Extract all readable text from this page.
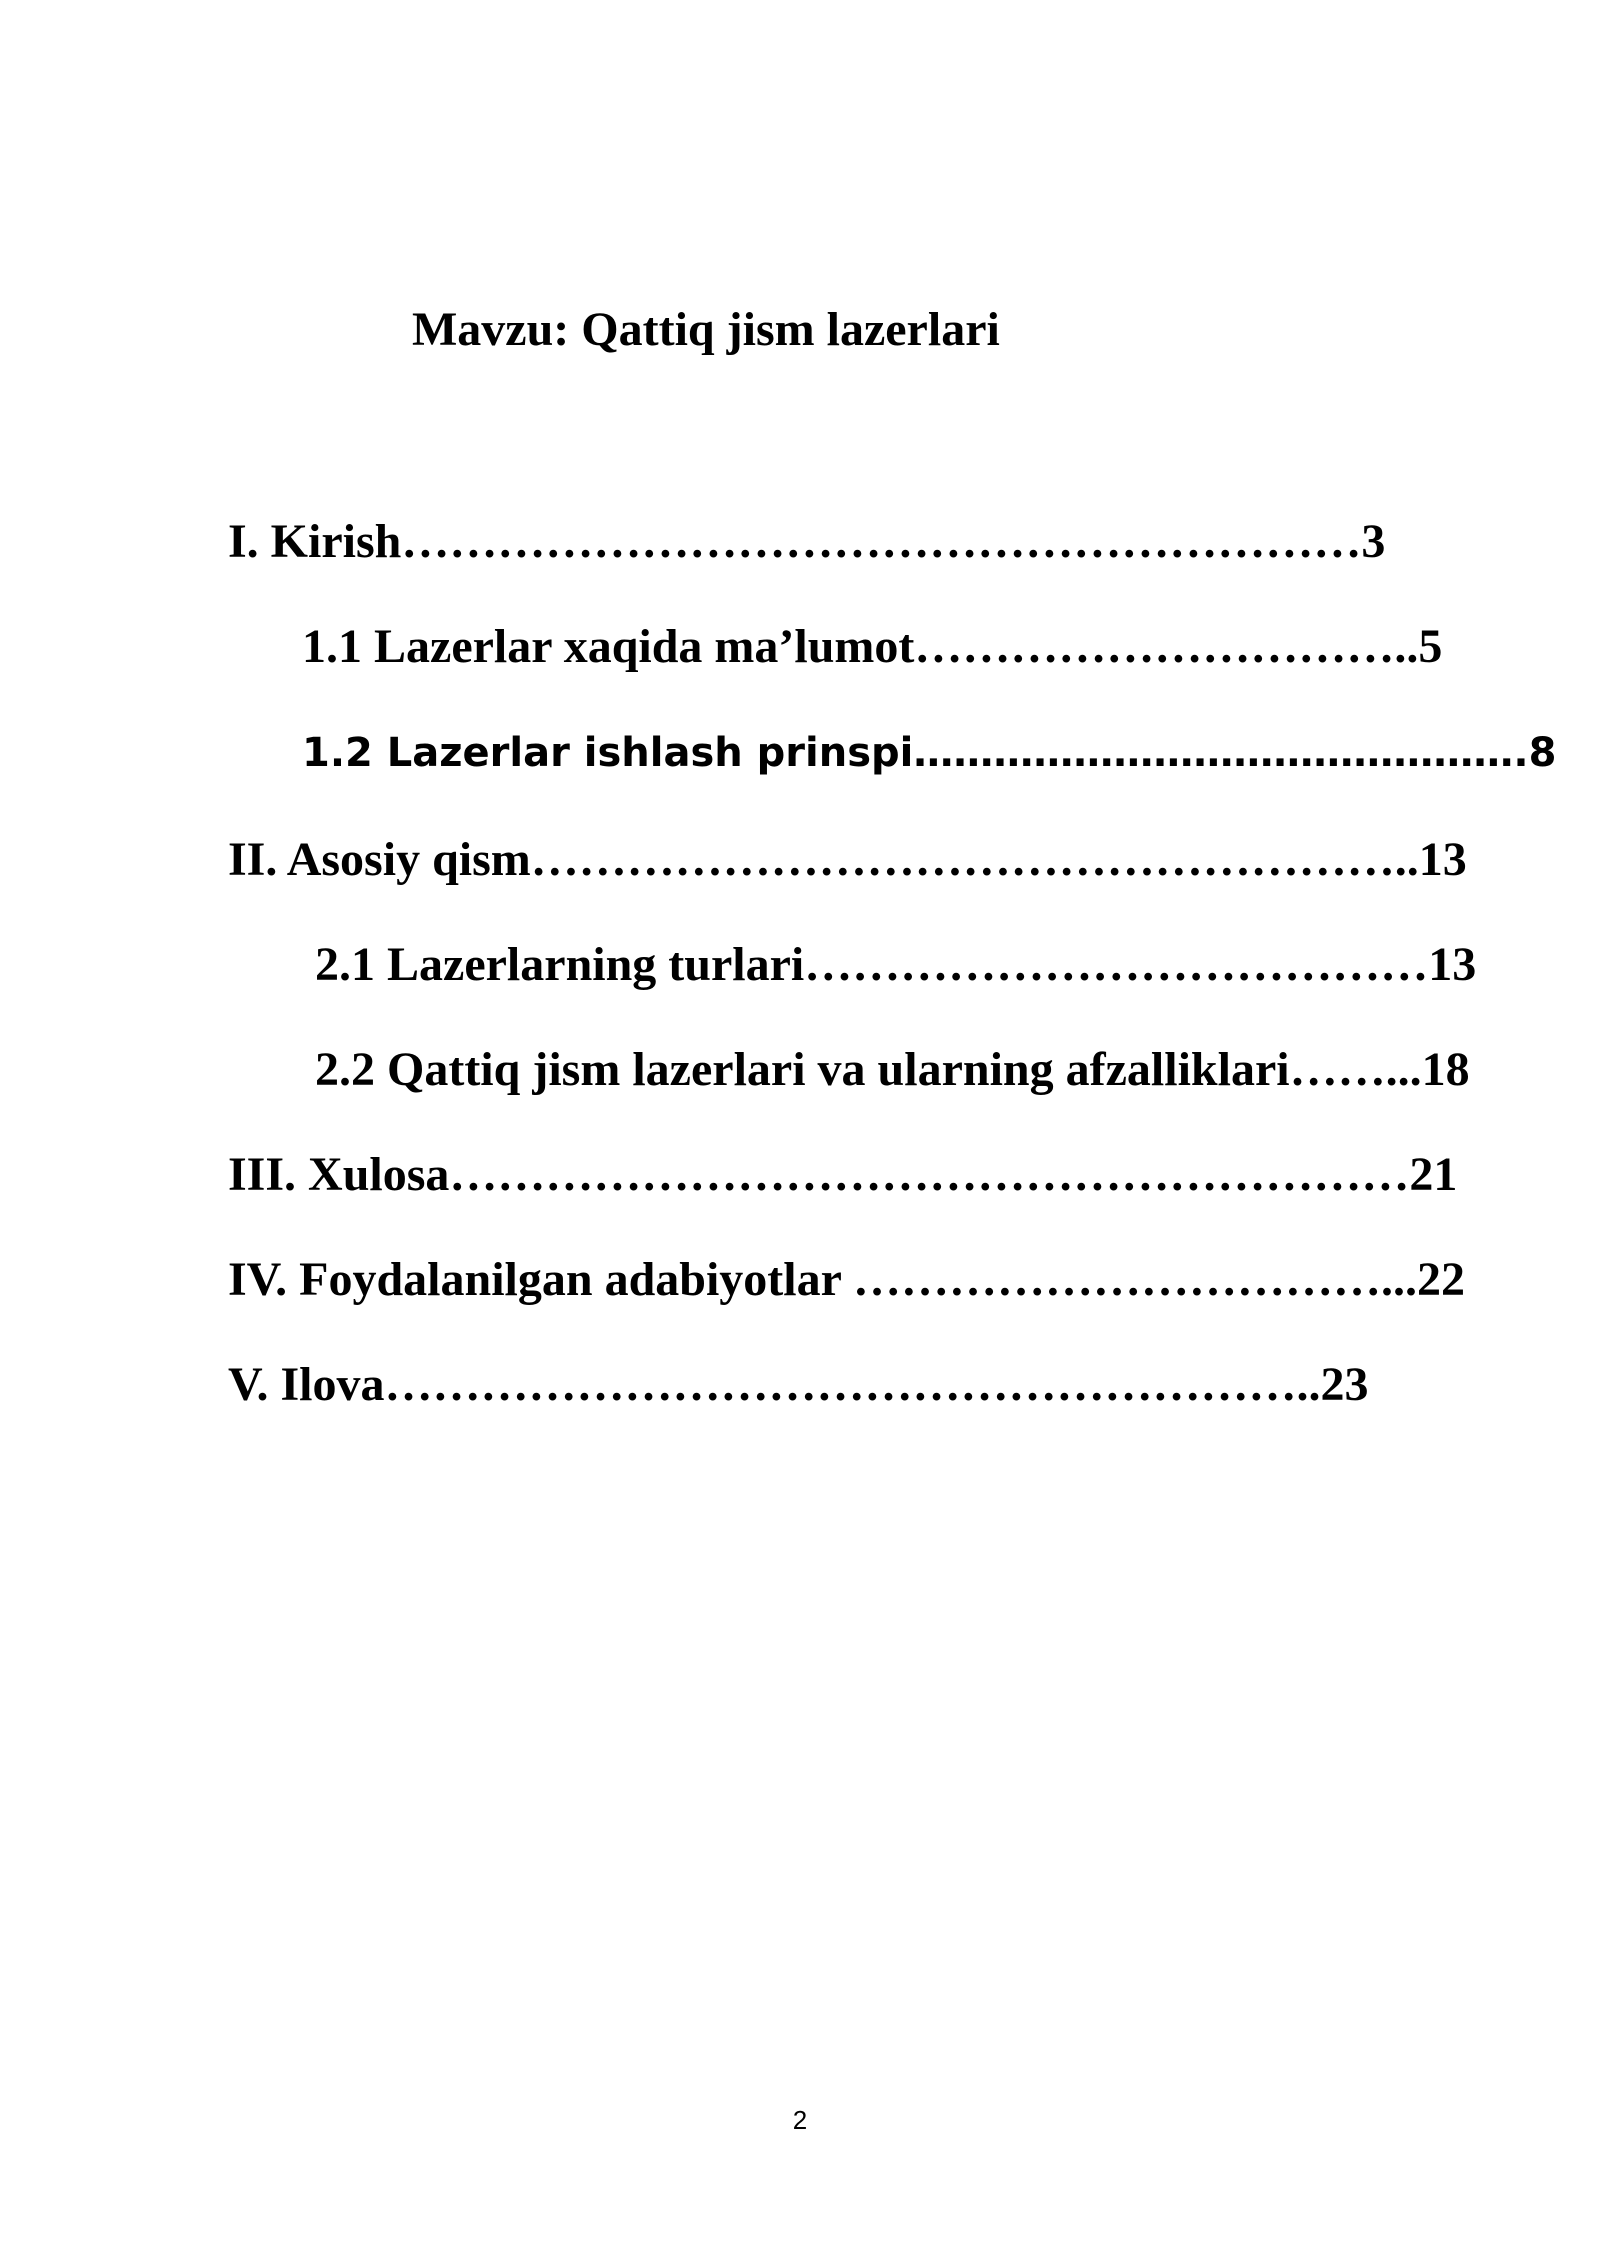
Mavzu: Qattiq jism lazerlari
I. Kirish……………………………………………………3
1.1 Lazerlar xaqida ma’lumot…………………………..5
1.2 Lazerlar ishlash prinspi……………………………………….8
II. Asosiy qism………………………………………………..13
2.1 Lazerlarning turlari…………………………………13
2.2 Qattiq jism lazerlari va ularning afzalliklari……...18
III. Xulosa……………………………………………………21
IV. Foydalanilgan adabiyotlar ……………………………...22
V. Ilova…………………………………………………..23
2
